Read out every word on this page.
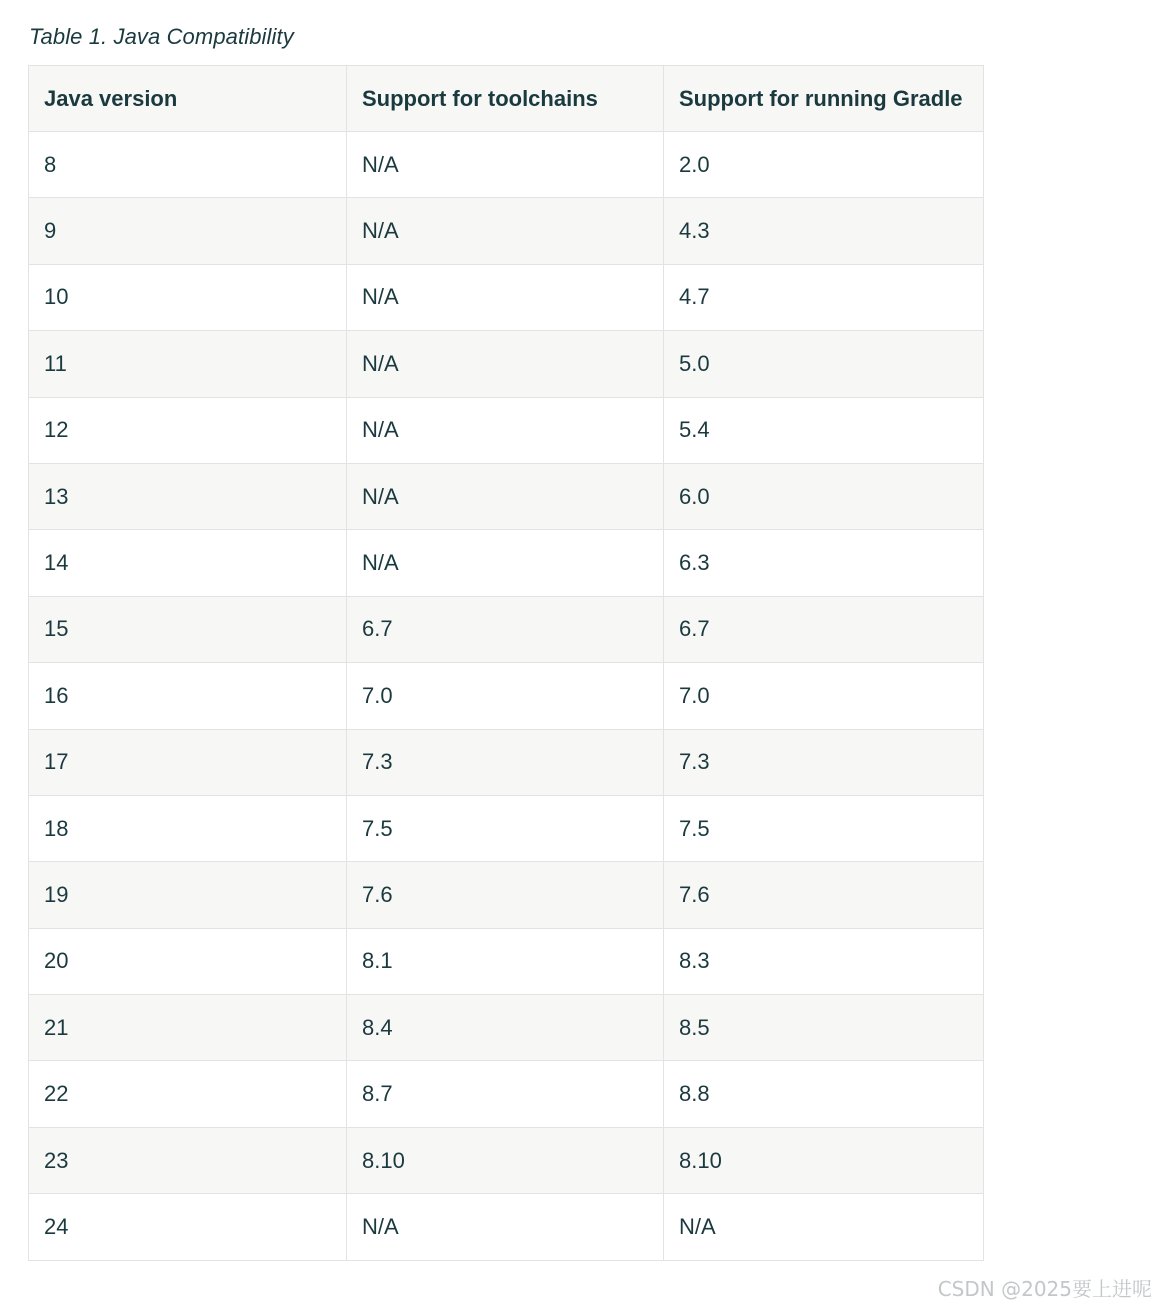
Table 1. Java Compatibility
Java version	Support for toolchains	Support for running Gradle
8	N/A	2.0
9	N/A	4.3
10	N/A	4.7
11	N/A	5.0
12	N/A	5.4
13	N/A	6.0
14	N/A	6.3
15	6.7	6.7
16	7.0	7.0
17	7.3	7.3
18	7.5	7.5
19	7.6	7.6
20	8.1	8.3
21	8.4	8.5
22	8.7	8.8
23	8.10	8.10
24	N/A	N/A
CSDN @2025要上进呢
